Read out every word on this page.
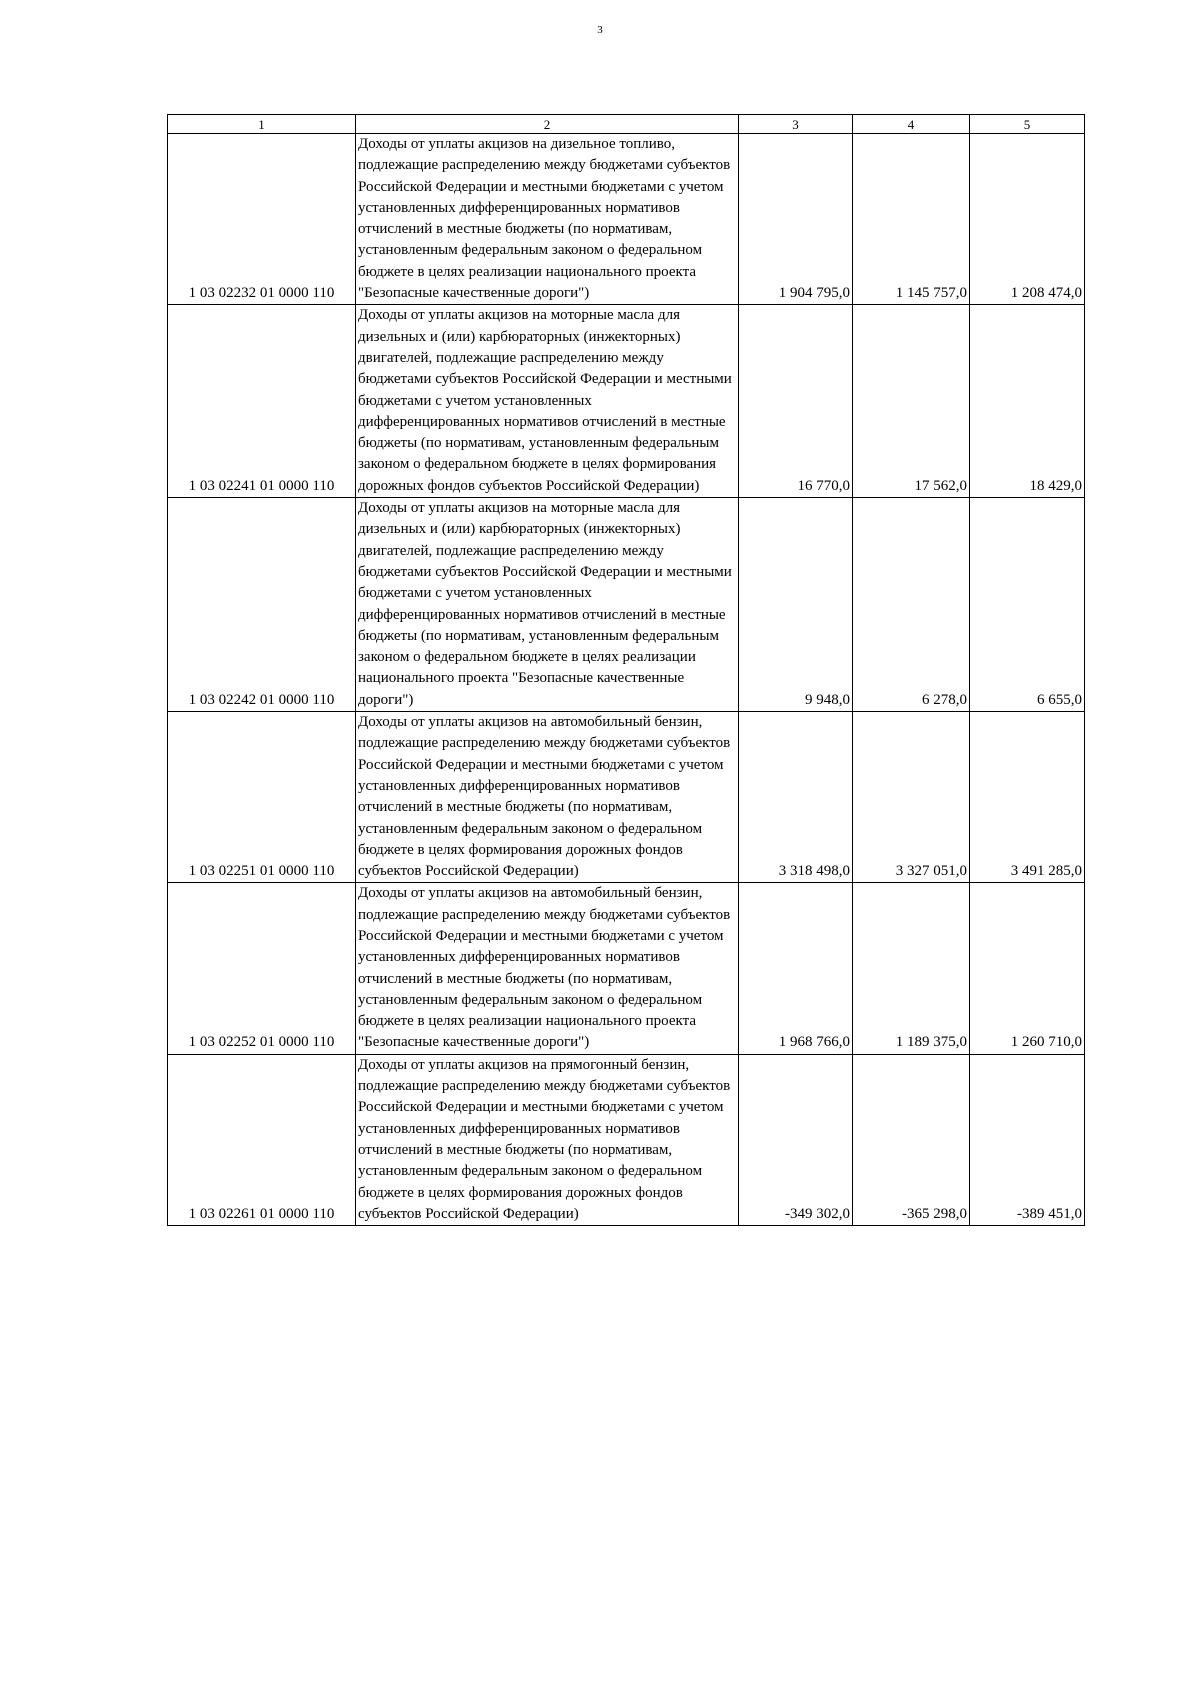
3
1	2	3	4	5
1 03 02232 01 0000 110	Доходы от уплаты акцизов на дизельное топливо, подлежащие распределению между бюджетами субъектов Российской Федерации и местными бюджетами с учетом установленных дифференцированных нормативов отчислений в местные бюджеты (по нормативам, установленным федеральным законом о федеральном бюджете в целях реализации национального проекта "Безопасные качественные дороги")	1 904 795,0	1 145 757,0	1 208 474,0
1 03 02241 01 0000 110	Доходы от уплаты акцизов на моторные масла для дизельных и (или) карбюраторных (инжекторных) двигателей, подлежащие распределению между бюджетами субъектов Российской Федерации и местными бюджетами с учетом установленных дифференцированных нормативов отчислений в местные бюджеты (по нормативам, установленным федеральным законом о федеральном бюджете в целях формирования дорожных фондов субъектов Российской Федерации)	16 770,0	17 562,0	18 429,0
1 03 02242 01 0000 110	Доходы от уплаты акцизов на моторные масла для дизельных и (или) карбюраторных (инжекторных) двигателей, подлежащие распределению между бюджетами субъектов Российской Федерации и местными бюджетами с учетом установленных дифференцированных нормативов отчислений в местные бюджеты (по нормативам, установленным федеральным законом о федеральном бюджете в целях реализации национального проекта "Безопасные качественные дороги")	9 948,0	6 278,0	6 655,0
1 03 02251 01 0000 110	Доходы от уплаты акцизов на автомобильный бензин, подлежащие распределению между бюджетами субъектов Российской Федерации и местными бюджетами с учетом установленных дифференцированных нормативов отчислений в местные бюджеты (по нормативам, установленным федеральным законом о федеральном бюджете в целях формирования дорожных фондов субъектов Российской Федерации)	3 318 498,0	3 327 051,0	3 491 285,0
1 03 02252 01 0000 110	Доходы от уплаты акцизов на автомобильный бензин, подлежащие распределению между бюджетами субъектов Российской Федерации и местными бюджетами с учетом установленных дифференцированных нормативов отчислений в местные бюджеты (по нормативам, установленным федеральным законом о федеральном бюджете в целях реализации национального проекта "Безопасные качественные дороги")	1 968 766,0	1 189 375,0	1 260 710,0
1 03 02261 01 0000 110	Доходы от уплаты акцизов на прямогонный бензин, подлежащие распределению между бюджетами субъектов Российской Федерации и местными бюджетами с учетом установленных дифференцированных нормативов отчислений в местные бюджеты (по нормативам, установленным федеральным законом о федеральном бюджете в целях формирования дорожных фондов субъектов Российской Федерации)	-349 302,0	-365 298,0	-389 451,0
